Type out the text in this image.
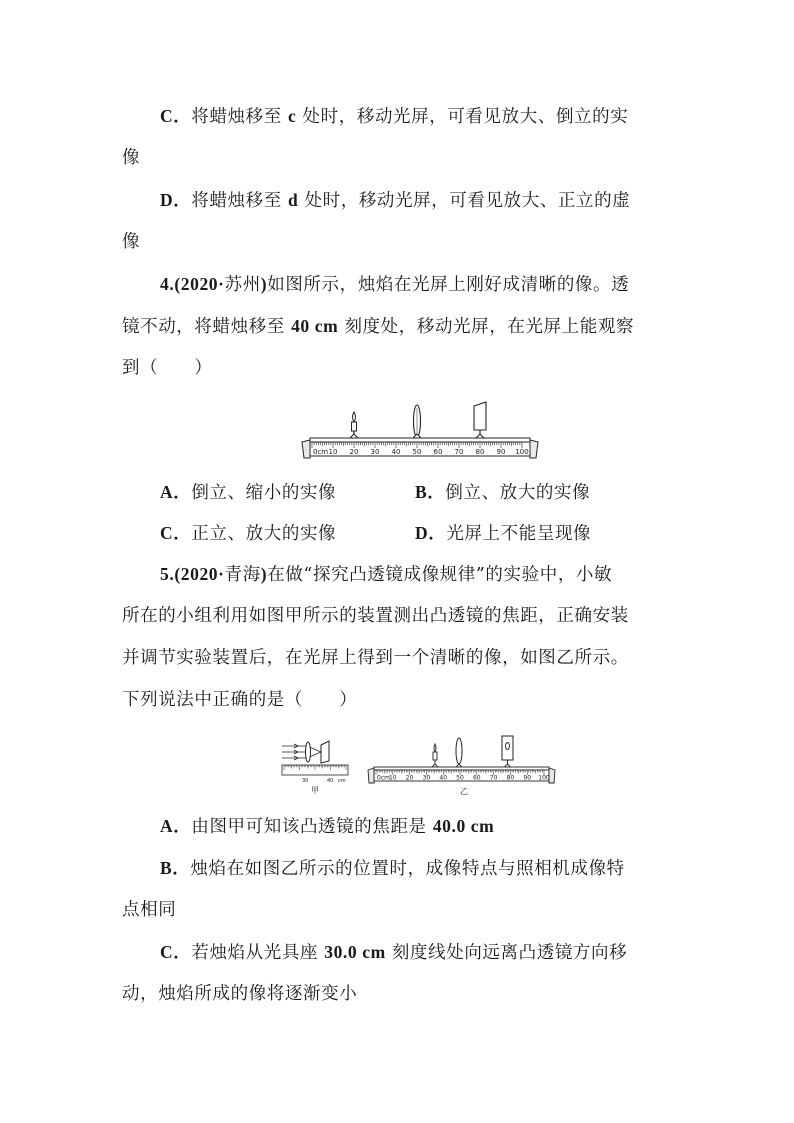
C．将蜡烛移至 c 处时，移动光屏，可看见放大、倒立的实
像
D．将蜡烛移至 d 处时，移动光屏，可看见放大、正立的虚
像
4.(2020·苏州)如图所示，烛焰在光屏上刚好成清晰的像。透
镜不动，将蜡烛移至 40 cm 刻度处，移动光屏，在光屏上能观察
到（　　）
0cm 10 20 30 40 50 60 70 80 90 100
A．倒立、缩小的实像	B．倒立、放大的实像
C．正立、放大的实像	D．光屏上不能呈现像
5.(2020·青海)在做“探究凸透镜成像规律”的实验中，小敏
所在的小组利用如图甲所示的装置测出凸透镜的焦距，正确安装
并调节实验装置后，在光屏上得到一个清晰的像，如图乙所示。
下列说法中正确的是（　　）
30	40 cm
甲
0cm 10 20 30 40 50 60 70 80 90 100
乙
A．由图甲可知该凸透镜的焦距是 40.0 cm
B．烛焰在如图乙所示的位置时，成像特点与照相机成像特
点相同
C．若烛焰从光具座 30.0 cm 刻度线处向远离凸透镜方向移
动，烛焰所成的像将逐渐变小
